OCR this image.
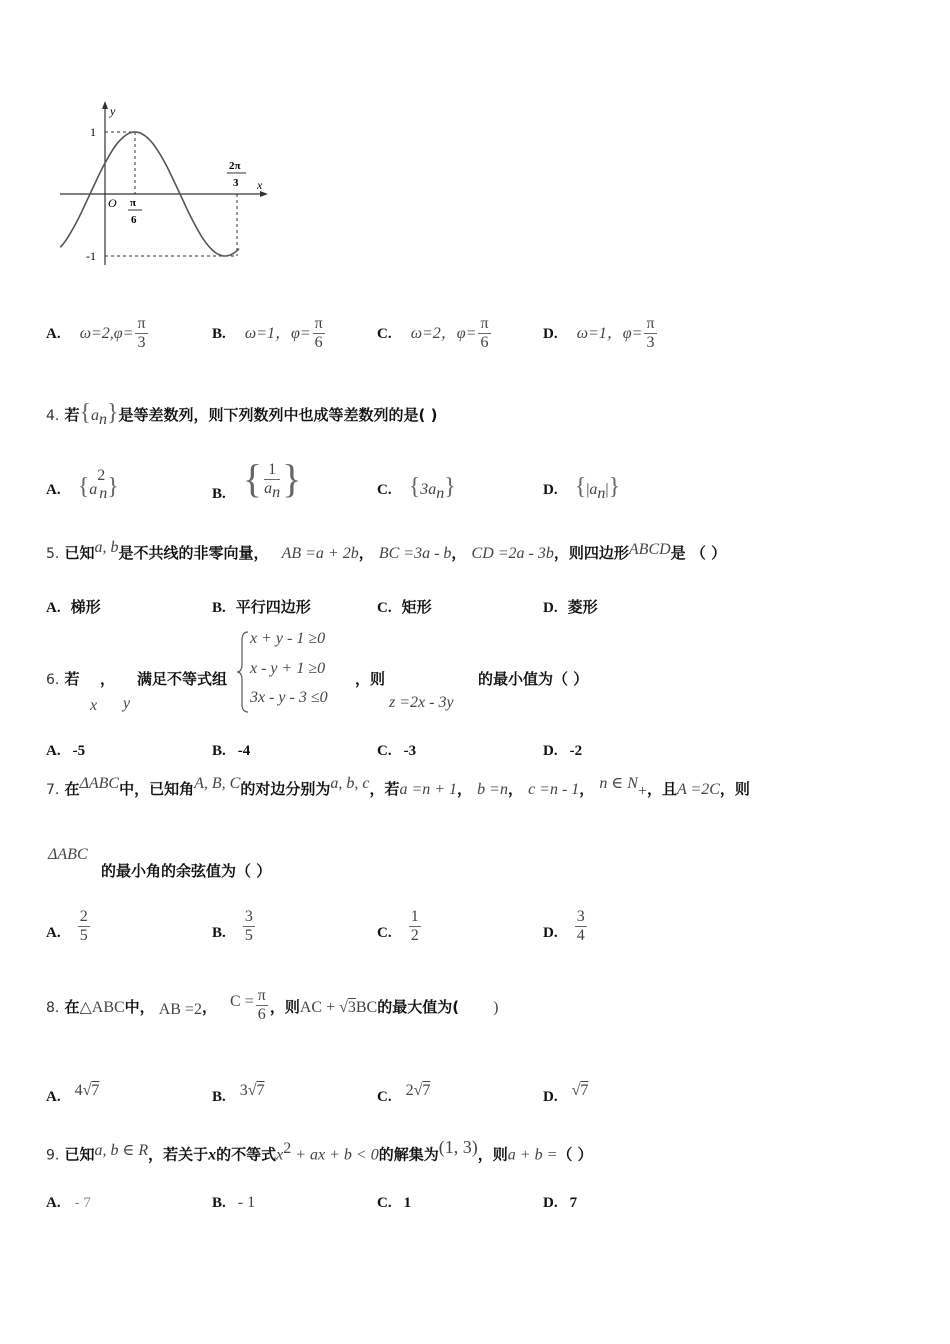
y
x
O
1
-1
π
6
2π
3
A. $\omega=2,\varphi= \frac{\pi}{3}$	B. ω=1，$\varphi= \frac{\pi}{6}$	C. ω=2，$\varphi= \frac{\pi}{6}$	D. ω=1，$\varphi= \frac{\pi}{3}$
4. 若$\{a_n\}$是等差数列，则下列数列中也成等差数列的是( )
A. $\{a^2_n\}$	B. { $\frac{1}{a_n}$ }	C. $\{3a_n\}$	D. $\{|a_n|\}$
5. 已知a, b是不共线的非零向量， AB =a + 2b， BC =3a - b， CD =2a - 3b，则四边形ABCD是 （ ）
A. 梯形	B. 平行四边形	C. 矩形	D. 菱形
6. 若 ， 满足不等式组
x y
x + y - 1 ≥0
x - y + 1 ≥0
3x - y - 3 ≤0
，则
z =2x - 3y
的最小值为（ ）
A. -5	B. -4	C. -3	D. -2
7. 在ΔABC中，已知角A, B, C的对边分别为a, b, c，若a =n + 1， b =n， c =n - 1， n ∈ $N_+$，且A =2C，则
ΔABC
的最小角的余弦值为（ ）
A. $\frac{2}{5}$	B. $\frac{3}{5}$	C. $\frac{1}{2}$	D. $\frac{3}{4}$
8. 在△ABC中， AB =2， $C = \frac{\pi}{6}$ ，则AC + √3BC的最大值为( )
A. 4√7	B. 3√7	C. 2√7	D. √7
9. 已知a, b ∈ R，若关于x的不等式$x^2$ + ax + b < 0的解集为(1, 3)，则a + b =（ ）
A. - 7	B. - 1	C. 1	D. 7
